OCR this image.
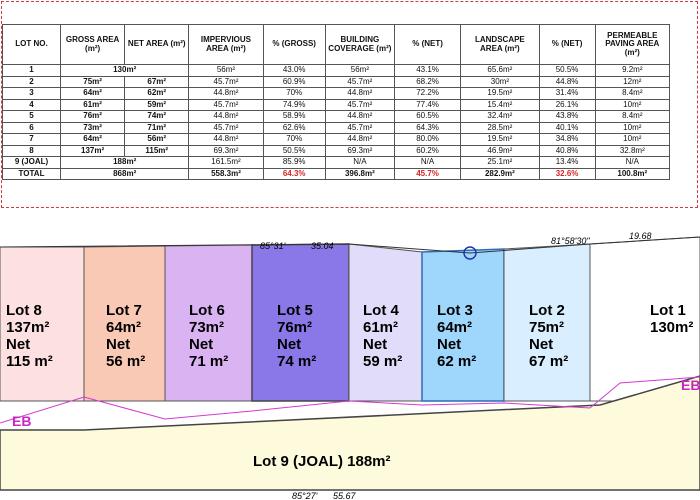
LOT NO.	GROSS AREA (m²)	NET AREA (m²)	IMPERVIOUS AREA (m²)	% (GROSS)	BUILDING COVERAGE (m²)	% (NET)	LANDSCAPE AREA (m²)	% (NET)	PERMEABLE PAVING AREA (m²)
1	130m²		56m²	43.0%	56m²	43.1%	65.6m²	50.5%	9.2m²
2	75m²	67m²	45.7m²	60.9%	45.7m²	68.2%	30m²	44.8%	12m²
3	64m²	62m²	44.8m²	70%	44.8m²	72.2%	19.5m²	31.4%	8.4m²
4	61m²	59m²	45.7m²	74.9%	45.7m²	77.4%	15.4m²	26.1%	10m²
5	76m²	74m²	44.8m²	58.9%	44.8m²	60.5%	32.4m²	43.8%	8.4m²
6	73m²	71m²	45.7m²	62.6%	45.7m²	64.3%	28.5m²	40.1%	10m²
7	64m²	56m²	44.8m²	70%	44.8m²	80.0%	19.5m²	34.8%	10m²
8	137m²	115m²	69.3m²	50.5%	69.3m²	60.2%	46.9m²	40.8%	32.8m²
9 (JOAL)	188m²		161.5m²	85.9%	N/A	N/A	25.1m²	13.4%	N/A
TOTAL	868m²		558.3m²	64.3%	396.8m²	45.7%	282.9m²	32.6%	100.8m²
85°31'	35.04	81°58'30"	19.68
85°27' 55.67
EB
EB
Lot 8
137m²
Net
115 m²
Lot 7
64m²
Net
56 m²
Lot 6
73m²
Net
71 m²
Lot 5
76m²
Net
74 m²
Lot 4
61m²
Net
59 m²
Lot 3
64m²
Net
62 m²
Lot 2
75m²
Net
67 m²
Lot 1
130m²
Lot 9 (JOAL) 188m²
